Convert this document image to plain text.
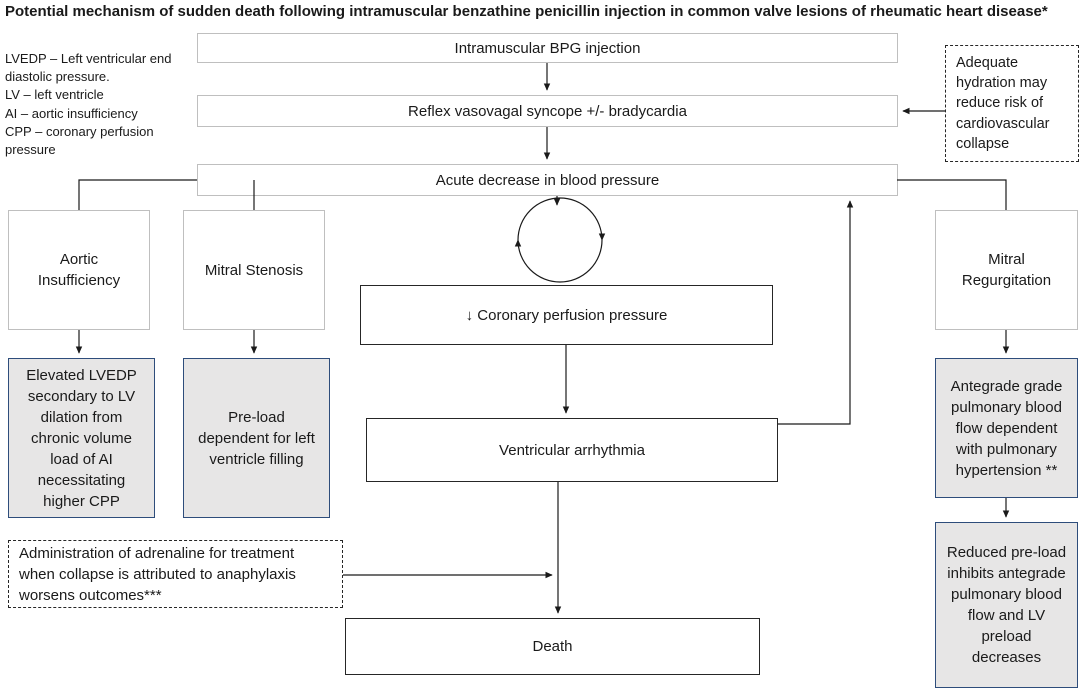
Potential mechanism of sudden death following intramuscular benzathine penicillin injection in common valve lesions of rheumatic heart disease*
LVEDP – Left ventricular end diastolic pressure.
LV – left ventricle
AI – aortic insufficiency
CPP – coronary perfusion pressure
Intramuscular BPG injection
Reflex vasovagal syncope +/- bradycardia
Acute decrease in blood pressure
↓ Coronary perfusion pressure
Ventricular arrhythmia
Death
Aortic Insufficiency
Mitral Stenosis
Elevated LVEDP secondary to LV dilation from chronic volume load of AI necessitating higher CPP
Pre-load dependent for left ventricle filling
Mitral Regurgitation
Antegrade grade pulmonary blood flow dependent with pulmonary hypertension **
Reduced pre-load inhibits antegrade pulmonary blood flow and LV preload decreases
Adequate hydration may reduce risk of cardiovascular collapse
Administration of adrenaline for treatment when collapse is attributed to anaphylaxis worsens outcomes***
